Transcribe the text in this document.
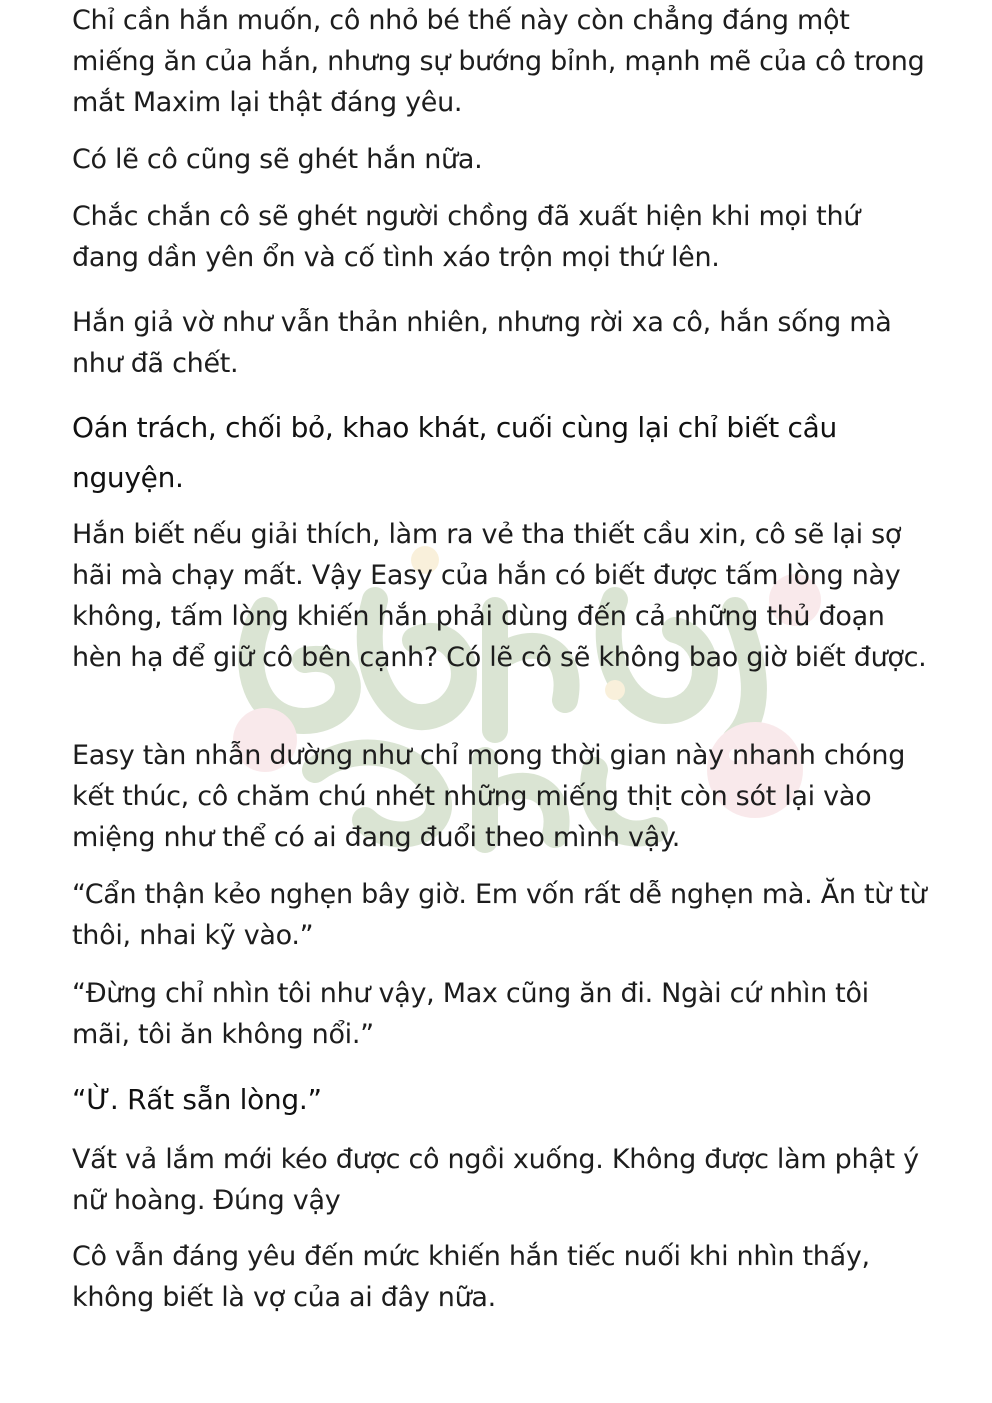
Chỉ cần hắn muốn, cô nhỏ bé thế này còn chẳng đáng một miếng ăn của hắn, nhưng sự bướng bỉnh, mạnh mẽ của cô trong mắt Maxim lại thật đáng yêu.

Có lẽ cô cũng sẽ ghét hắn nữa.

Chắc chắn cô sẽ ghét người chồng đã xuất hiện khi mọi thứ đang dần yên ổn và cố tình xáo trộn mọi thứ lên.

Hắn giả vờ như vẫn thản nhiên, nhưng rời xa cô, hắn sống mà như đã chết.

Oán trách, chối bỏ, khao khát, cuối cùng lại chỉ biết cầu nguyện.

Hắn biết nếu giải thích, làm ra vẻ tha thiết cầu xin, cô sẽ lại sợ hãi mà chạy mất. Vậy Easy của hắn có biết được tấm lòng này không, tấm lòng khiến hắn phải dùng đến cả những thủ đoạn hèn hạ để giữ cô bên cạnh? Có lẽ cô sẽ không bao giờ biết được.

Easy tàn nhẫn dường như chỉ mong thời gian này nhanh chóng kết thúc, cô chăm chú nhét những miếng thịt còn sót lại vào miệng như thể có ai đang đuổi theo mình vậy.

“Cẩn thận kẻo nghẹn bây giờ. Em vốn rất dễ nghẹn mà. Ăn từ từ thôi, nhai kỹ vào.”

“Đừng chỉ nhìn tôi như vậy, Max cũng ăn đi. Ngài cứ nhìn tôi mãi, tôi ăn không nổi.”

“Ừ. Rất sẵn lòng.”

Vất vả lắm mới kéo được cô ngồi xuống. Không được làm phật ý nữ hoàng. Đúng vậy

Cô vẫn đáng yêu đến mức khiến hắn tiếc nuối khi nhìn thấy, không biết là vợ của ai đây nữa.
